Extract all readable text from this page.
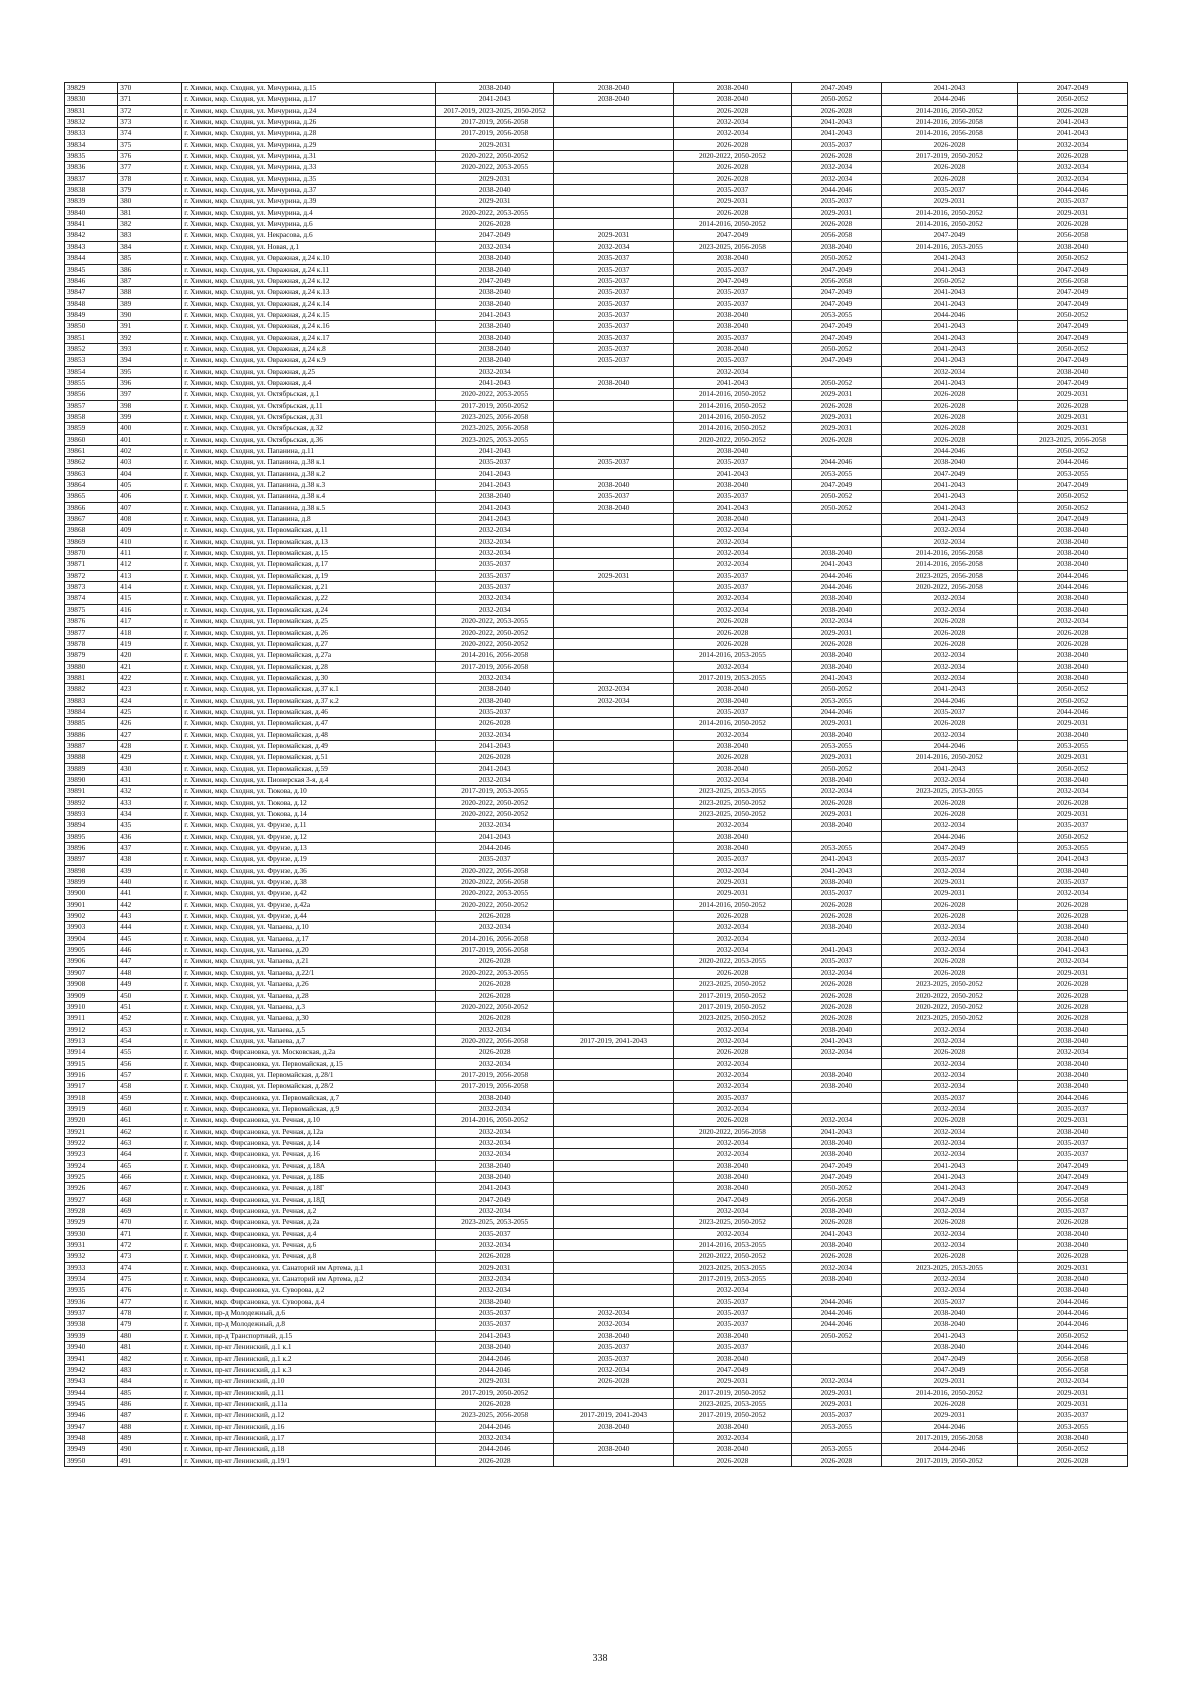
39829	370	г. Химки, мкр. Сходня, ул. Мичурина, д.15	2038-2040	2038-2040	2038-2040	2047-2049	2041-2043	2047-2049
39830	371	г. Химки, мкр. Сходня, ул. Мичурина, д.17	2041-2043	2038-2040	2038-2040	2050-2052	2044-2046	2050-2052
39831	372	г. Химки, мкр. Сходня, ул. Мичурина, д.24	2017-2019, 2023-2025, 2050-2052		2026-2028	2026-2028	2014-2016, 2050-2052	2026-2028
39832	373	г. Химки, мкр. Сходня, ул. Мичурина, д.26	2017-2019, 2056-2058		2032-2034	2041-2043	2014-2016, 2056-2058	2041-2043
39833	374	г. Химки, мкр. Сходня, ул. Мичурина, д.28	2017-2019, 2056-2058		2032-2034	2041-2043	2014-2016, 2056-2058	2041-2043
39834	375	г. Химки, мкр. Сходня, ул. Мичурина, д.29	2029-2031		2026-2028	2035-2037	2026-2028	2032-2034
39835	376	г. Химки, мкр. Сходня, ул. Мичурина, д.31	2020-2022, 2050-2052		2020-2022, 2050-2052	2026-2028	2017-2019, 2050-2052	2026-2028
39836	377	г. Химки, мкр. Сходня, ул. Мичурина, д.33	2020-2022, 2053-2055		2026-2028	2032-2034	2026-2028	2032-2034
39837	378	г. Химки, мкр. Сходня, ул. Мичурина, д.35	2029-2031		2026-2028	2032-2034	2026-2028	2032-2034
39838	379	г. Химки, мкр. Сходня, ул. Мичурина, д.37	2038-2040		2035-2037	2044-2046	2035-2037	2044-2046
39839	380	г. Химки, мкр. Сходня, ул. Мичурина, д.39	2029-2031		2029-2031	2035-2037	2029-2031	2035-2037
39840	381	г. Химки, мкр. Сходня, ул. Мичурина, д.4	2020-2022, 2053-2055		2026-2028	2029-2031	2014-2016, 2050-2052	2029-2031
39841	382	г. Химки, мкр. Сходня, ул. Мичурина, д.6	2026-2028		2014-2016, 2050-2052	2026-2028	2014-2016, 2050-2052	2026-2028
39842	383	г. Химки, мкр. Сходня, ул. Некрасова, д.6	2047-2049	2029-2031	2047-2049	2056-2058	2047-2049	2056-2058
39843	384	г. Химки, мкр. Сходня, ул. Новая, д.1	2032-2034	2032-2034	2023-2025, 2056-2058	2038-2040	2014-2016, 2053-2055	2038-2040
39844	385	г. Химки, мкр. Сходня, ул. Овражная, д.24 к.10	2038-2040	2035-2037	2038-2040	2050-2052	2041-2043	2050-2052
39845	386	г. Химки, мкр. Сходня, ул. Овражная, д.24 к.11	2038-2040	2035-2037	2035-2037	2047-2049	2041-2043	2047-2049
39846	387	г. Химки, мкр. Сходня, ул. Овражная, д.24 к.12	2047-2049	2035-2037	2047-2049	2056-2058	2050-2052	2056-2058
39847	388	г. Химки, мкр. Сходня, ул. Овражная, д.24 к.13	2038-2040	2035-2037	2035-2037	2047-2049	2041-2043	2047-2049
39848	389	г. Химки, мкр. Сходня, ул. Овражная, д.24 к.14	2038-2040	2035-2037	2035-2037	2047-2049	2041-2043	2047-2049
39849	390	г. Химки, мкр. Сходня, ул. Овражная, д.24 к.15	2041-2043	2035-2037	2038-2040	2053-2055	2044-2046	2050-2052
39850	391	г. Химки, мкр. Сходня, ул. Овражная, д.24 к.16	2038-2040	2035-2037	2038-2040	2047-2049	2041-2043	2047-2049
39851	392	г. Химки, мкр. Сходня, ул. Овражная, д.24 к.17	2038-2040	2035-2037	2035-2037	2047-2049	2041-2043	2047-2049
39852	393	г. Химки, мкр. Сходня, ул. Овражная, д.24 к.8	2038-2040	2035-2037	2038-2040	2050-2052	2041-2043	2050-2052
39853	394	г. Химки, мкр. Сходня, ул. Овражная, д.24 к.9	2038-2040	2035-2037	2035-2037	2047-2049	2041-2043	2047-2049
39854	395	г. Химки, мкр. Сходня, ул. Овражная, д.25	2032-2034		2032-2034		2032-2034	2038-2040
39855	396	г. Химки, мкр. Сходня, ул. Овражная, д.4	2041-2043	2038-2040	2041-2043	2050-2052	2041-2043	2047-2049
39856	397	г. Химки, мкр. Сходня, ул. Октябрьская, д.1	2020-2022, 2053-2055		2014-2016, 2050-2052	2029-2031	2026-2028	2029-2031
39857	398	г. Химки, мкр. Сходня, ул. Октябрьская, д.11	2017-2019, 2050-2052		2014-2016, 2050-2052	2026-2028	2026-2028	2026-2028
39858	399	г. Химки, мкр. Сходня, ул. Октябрьская, д.31	2023-2025, 2056-2058		2014-2016, 2050-2052	2029-2031	2026-2028	2029-2031
39859	400	г. Химки, мкр. Сходня, ул. Октябрьская, д.32	2023-2025, 2056-2058		2014-2016, 2050-2052	2029-2031	2026-2028	2029-2031
39860	401	г. Химки, мкр. Сходня, ул. Октябрьская, д.36	2023-2025, 2053-2055		2020-2022, 2050-2052	2026-2028	2026-2028	2023-2025, 2056-2058
39861	402	г. Химки, мкр. Сходня, ул. Папанина, д.11	2041-2043		2038-2040		2044-2046	2050-2052
39862	403	г. Химки, мкр. Сходня, ул. Папанина, д.38 к.1	2035-2037	2035-2037	2035-2037	2044-2046	2038-2040	2044-2046
39863	404	г. Химки, мкр. Сходня, ул. Папанина, д.38 к.2	2041-2043		2041-2043	2053-2055	2047-2049	2053-2055
39864	405	г. Химки, мкр. Сходня, ул. Папанина, д.38 к.3	2041-2043	2038-2040	2038-2040	2047-2049	2041-2043	2047-2049
39865	406	г. Химки, мкр. Сходня, ул. Папанина, д.38 к.4	2038-2040	2035-2037	2035-2037	2050-2052	2041-2043	2050-2052
39866	407	г. Химки, мкр. Сходня, ул. Папанина, д.38 к.5	2041-2043	2038-2040	2041-2043	2050-2052	2041-2043	2050-2052
39867	408	г. Химки, мкр. Сходня, ул. Папанина, д.8	2041-2043		2038-2040		2041-2043	2047-2049
39868	409	г. Химки, мкр. Сходня, ул. Первомайская, д.11	2032-2034		2032-2034		2032-2034	2038-2040
39869	410	г. Химки, мкр. Сходня, ул. Первомайская, д.13	2032-2034		2032-2034		2032-2034	2038-2040
39870	411	г. Химки, мкр. Сходня, ул. Первомайская, д.15	2032-2034		2032-2034	2038-2040	2014-2016, 2056-2058	2038-2040
39871	412	г. Химки, мкр. Сходня, ул. Первомайская, д.17	2035-2037		2032-2034	2041-2043	2014-2016, 2056-2058	2038-2040
39872	413	г. Химки, мкр. Сходня, ул. Первомайская, д.19	2035-2037	2029-2031	2035-2037	2044-2046	2023-2025, 2056-2058	2044-2046
39873	414	г. Химки, мкр. Сходня, ул. Первомайская, д.21	2035-2037		2035-2037	2044-2046	2020-2022, 2056-2058	2044-2046
39874	415	г. Химки, мкр. Сходня, ул. Первомайская, д.22	2032-2034		2032-2034	2038-2040	2032-2034	2038-2040
39875	416	г. Химки, мкр. Сходня, ул. Первомайская, д.24	2032-2034		2032-2034	2038-2040	2032-2034	2038-2040
39876	417	г. Химки, мкр. Сходня, ул. Первомайская, д.25	2020-2022, 2053-2055		2026-2028	2032-2034	2026-2028	2032-2034
39877	418	г. Химки, мкр. Сходня, ул. Первомайская, д.26	2020-2022, 2050-2052		2026-2028	2029-2031	2026-2028	2026-2028
39878	419	г. Химки, мкр. Сходня, ул. Первомайская, д.27	2020-2022, 2050-2052		2026-2028	2026-2028	2026-2028	2026-2028
39879	420	г. Химки, мкр. Сходня, ул. Первомайская, д.27а	2014-2016, 2056-2058		2014-2016, 2053-2055	2038-2040	2032-2034	2038-2040
39880	421	г. Химки, мкр. Сходня, ул. Первомайская, д.28	2017-2019, 2056-2058		2032-2034	2038-2040	2032-2034	2038-2040
39881	422	г. Химки, мкр. Сходня, ул. Первомайская, д.30	2032-2034		2017-2019, 2053-2055	2041-2043	2032-2034	2038-2040
39882	423	г. Химки, мкр. Сходня, ул. Первомайская, д.37 к.1	2038-2040	2032-2034	2038-2040	2050-2052	2041-2043	2050-2052
39883	424	г. Химки, мкр. Сходня, ул. Первомайская, д.37 к.2	2038-2040	2032-2034	2038-2040	2053-2055	2044-2046	2050-2052
39884	425	г. Химки, мкр. Сходня, ул. Первомайская, д.46	2035-2037		2035-2037	2044-2046	2035-2037	2044-2046
39885	426	г. Химки, мкр. Сходня, ул. Первомайская, д.47	2026-2028		2014-2016, 2050-2052	2029-2031	2026-2028	2029-2031
39886	427	г. Химки, мкр. Сходня, ул. Первомайская, д.48	2032-2034		2032-2034	2038-2040	2032-2034	2038-2040
39887	428	г. Химки, мкр. Сходня, ул. Первомайская, д.49	2041-2043		2038-2040	2053-2055	2044-2046	2053-2055
39888	429	г. Химки, мкр. Сходня, ул. Первомайская, д.51	2026-2028		2026-2028	2029-2031	2014-2016, 2050-2052	2029-2031
39889	430	г. Химки, мкр. Сходня, ул. Первомайская, д.59	2041-2043		2038-2040	2050-2052	2041-2043	2050-2052
39890	431	г. Химки, мкр. Сходня, ул. Пионерская 3-я, д.4	2032-2034		2032-2034	2038-2040	2032-2034	2038-2040
39891	432	г. Химки, мкр. Сходня, ул. Тюкова, д.10	2017-2019, 2053-2055		2023-2025, 2053-2055	2032-2034	2023-2025, 2053-2055	2032-2034
39892	433	г. Химки, мкр. Сходня, ул. Тюкова, д.12	2020-2022, 2050-2052		2023-2025, 2050-2052	2026-2028	2026-2028	2026-2028
39893	434	г. Химки, мкр. Сходня, ул. Тюкова, д.14	2020-2022, 2050-2052		2023-2025, 2050-2052	2029-2031	2026-2028	2029-2031
39894	435	г. Химки, мкр. Сходня, ул. Фрунзе, д.11	2032-2034		2032-2034	2038-2040	2032-2034	2035-2037
39895	436	г. Химки, мкр. Сходня, ул. Фрунзе, д.12	2041-2043		2038-2040		2044-2046	2050-2052
39896	437	г. Химки, мкр. Сходня, ул. Фрунзе, д.13	2044-2046		2038-2040	2053-2055	2047-2049	2053-2055
39897	438	г. Химки, мкр. Сходня, ул. Фрунзе, д.19	2035-2037		2035-2037	2041-2043	2035-2037	2041-2043
39898	439	г. Химки, мкр. Сходня, ул. Фрунзе, д.36	2020-2022, 2056-2058		2032-2034	2041-2043	2032-2034	2038-2040
39899	440	г. Химки, мкр. Сходня, ул. Фрунзе, д.38	2020-2022, 2056-2058		2029-2031	2038-2040	2029-2031	2035-2037
39900	441	г. Химки, мкр. Сходня, ул. Фрунзе, д.42	2020-2022, 2053-2055		2029-2031	2035-2037	2029-2031	2032-2034
39901	442	г. Химки, мкр. Сходня, ул. Фрунзе, д.42а	2020-2022, 2050-2052		2014-2016, 2050-2052	2026-2028	2026-2028	2026-2028
39902	443	г. Химки, мкр. Сходня, ул. Фрунзе, д.44	2026-2028		2026-2028	2026-2028	2026-2028	2026-2028
39903	444	г. Химки, мкр. Сходня, ул. Чапаева, д.10	2032-2034		2032-2034	2038-2040	2032-2034	2038-2040
39904	445	г. Химки, мкр. Сходня, ул. Чапаева, д.17	2014-2016, 2056-2058		2032-2034		2032-2034	2038-2040
39905	446	г. Химки, мкр. Сходня, ул. Чапаева, д.20	2017-2019, 2056-2058		2032-2034	2041-2043	2032-2034	2041-2043
39906	447	г. Химки, мкр. Сходня, ул. Чапаева, д.21	2026-2028		2020-2022, 2053-2055	2035-2037	2026-2028	2032-2034
39907	448	г. Химки, мкр. Сходня, ул. Чапаева, д.22/1	2020-2022, 2053-2055		2026-2028	2032-2034	2026-2028	2029-2031
39908	449	г. Химки, мкр. Сходня, ул. Чапаева, д.26	2026-2028		2023-2025, 2050-2052	2026-2028	2023-2025, 2050-2052	2026-2028
39909	450	г. Химки, мкр. Сходня, ул. Чапаева, д.28	2026-2028		2017-2019, 2050-2052	2026-2028	2020-2022, 2050-2052	2026-2028
39910	451	г. Химки, мкр. Сходня, ул. Чапаева, д.3	2020-2022, 2050-2052		2017-2019, 2050-2052	2026-2028	2020-2022, 2050-2052	2026-2028
39911	452	г. Химки, мкр. Сходня, ул. Чапаева, д.30	2026-2028		2023-2025, 2050-2052	2026-2028	2023-2025, 2050-2052	2026-2028
39912	453	г. Химки, мкр. Сходня, ул. Чапаева, д.5	2032-2034		2032-2034	2038-2040	2032-2034	2038-2040
39913	454	г. Химки, мкр. Сходня, ул. Чапаева, д.7	2020-2022, 2056-2058	2017-2019, 2041-2043	2032-2034	2041-2043	2032-2034	2038-2040
39914	455	г. Химки, мкр. Фирсановка, ул. Московская, д.2а	2026-2028		2026-2028	2032-2034	2026-2028	2032-2034
39915	456	г. Химки, мкр. Фирсановка, ул. Первомайская, д.15	2032-2034		2032-2034		2032-2034	2038-2040
39916	457	г. Химки, мкр. Сходня, ул. Первомайская, д.28/1	2017-2019, 2056-2058		2032-2034	2038-2040	2032-2034	2038-2040
39917	458	г. Химки, мкр. Сходня, ул. Первомайская, д.28/2	2017-2019, 2056-2058		2032-2034	2038-2040	2032-2034	2038-2040
39918	459	г. Химки, мкр. Фирсановка, ул. Первомайская, д.7	2038-2040		2035-2037		2035-2037	2044-2046
39919	460	г. Химки, мкр. Фирсановка, ул. Первомайская, д.9	2032-2034		2032-2034		2032-2034	2035-2037
39920	461	г. Химки, мкр. Фирсановка, ул. Речная, д.10	2014-2016, 2050-2052		2026-2028	2032-2034	2026-2028	2029-2031
39921	462	г. Химки, мкр. Фирсановка, ул. Речная, д.12а	2032-2034		2020-2022, 2056-2058	2041-2043	2032-2034	2038-2040
39922	463	г. Химки, мкр. Фирсановка, ул. Речная, д.14	2032-2034		2032-2034	2038-2040	2032-2034	2035-2037
39923	464	г. Химки, мкр. Фирсановка, ул. Речная, д.16	2032-2034		2032-2034	2038-2040	2032-2034	2035-2037
39924	465	г. Химки, мкр. Фирсановка, ул. Речная, д.18А	2038-2040		2038-2040	2047-2049	2041-2043	2047-2049
39925	466	г. Химки, мкр. Фирсановка, ул. Речная, д.18Б	2038-2040		2038-2040	2047-2049	2041-2043	2047-2049
39926	467	г. Химки, мкр. Фирсановка, ул. Речная, д.18Г	2041-2043		2038-2040	2050-2052	2041-2043	2047-2049
39927	468	г. Химки, мкр. Фирсановка, ул. Речная, д.18Д	2047-2049		2047-2049	2056-2058	2047-2049	2056-2058
39928	469	г. Химки, мкр. Фирсановка, ул. Речная, д.2	2032-2034		2032-2034	2038-2040	2032-2034	2035-2037
39929	470	г. Химки, мкр. Фирсановка, ул. Речная, д.2а	2023-2025, 2053-2055		2023-2025, 2050-2052	2026-2028	2026-2028	2026-2028
39930	471	г. Химки, мкр. Фирсановка, ул. Речная, д.4	2035-2037		2032-2034	2041-2043	2032-2034	2038-2040
39931	472	г. Химки, мкр. Фирсановка, ул. Речная, д.6	2032-2034		2014-2016, 2053-2055	2038-2040	2032-2034	2038-2040
39932	473	г. Химки, мкр. Фирсановка, ул. Речная, д.8	2026-2028		2020-2022, 2050-2052	2026-2028	2026-2028	2026-2028
39933	474	г. Химки, мкр. Фирсановка, ул. Санаторий им Артема, д.1	2029-2031		2023-2025, 2053-2055	2032-2034	2023-2025, 2053-2055	2029-2031
39934	475	г. Химки, мкр. Фирсановка, ул. Санаторий им Артема, д.2	2032-2034		2017-2019, 2053-2055	2038-2040	2032-2034	2038-2040
39935	476	г. Химки, мкр. Фирсановка, ул. Суворова, д.2	2032-2034		2032-2034		2032-2034	2038-2040
39936	477	г. Химки, мкр. Фирсановка, ул. Суворова, д.4	2038-2040		2035-2037	2044-2046	2035-2037	2044-2046
39937	478	г. Химки, пр-д Молодежный, д.6	2035-2037	2032-2034	2035-2037	2044-2046	2038-2040	2044-2046
39938	479	г. Химки, пр-д Молодежный, д.8	2035-2037	2032-2034	2035-2037	2044-2046	2038-2040	2044-2046
39939	480	г. Химки, пр-д Транспортный, д.15	2041-2043	2038-2040	2038-2040	2050-2052	2041-2043	2050-2052
39940	481	г. Химки, пр-кт Ленинский, д.1 к.1	2038-2040	2035-2037	2035-2037		2038-2040	2044-2046
39941	482	г. Химки, пр-кт Ленинский, д.1 к.2	2044-2046	2035-2037	2038-2040		2047-2049	2056-2058
39942	483	г. Химки, пр-кт Ленинский, д.1 к.3	2044-2046	2032-2034	2047-2049		2047-2049	2056-2058
39943	484	г. Химки, пр-кт Ленинский, д.10	2029-2031	2026-2028	2029-2031	2032-2034	2029-2031	2032-2034
39944	485	г. Химки, пр-кт Ленинский, д.11	2017-2019, 2050-2052		2017-2019, 2050-2052	2029-2031	2014-2016, 2050-2052	2029-2031
39945	486	г. Химки, пр-кт Ленинский, д.11а	2026-2028		2023-2025, 2053-2055	2029-2031	2026-2028	2029-2031
39946	487	г. Химки, пр-кт Ленинский, д.12	2023-2025, 2056-2058	2017-2019, 2041-2043	2017-2019, 2050-2052	2035-2037	2029-2031	2035-2037
39947	488	г. Химки, пр-кт Ленинский, д.16	2044-2046	2038-2040	2038-2040	2053-2055	2044-2046	2053-2055
39948	489	г. Химки, пр-кт Ленинский, д.17	2032-2034		2032-2034		2017-2019, 2056-2058	2038-2040
39949	490	г. Химки, пр-кт Ленинский, д.18	2044-2046	2038-2040	2038-2040	2053-2055	2044-2046	2050-2052
39950	491	г. Химки, пр-кт Ленинский, д.19/1	2026-2028		2026-2028	2026-2028	2017-2019, 2050-2052	2026-2028
338
